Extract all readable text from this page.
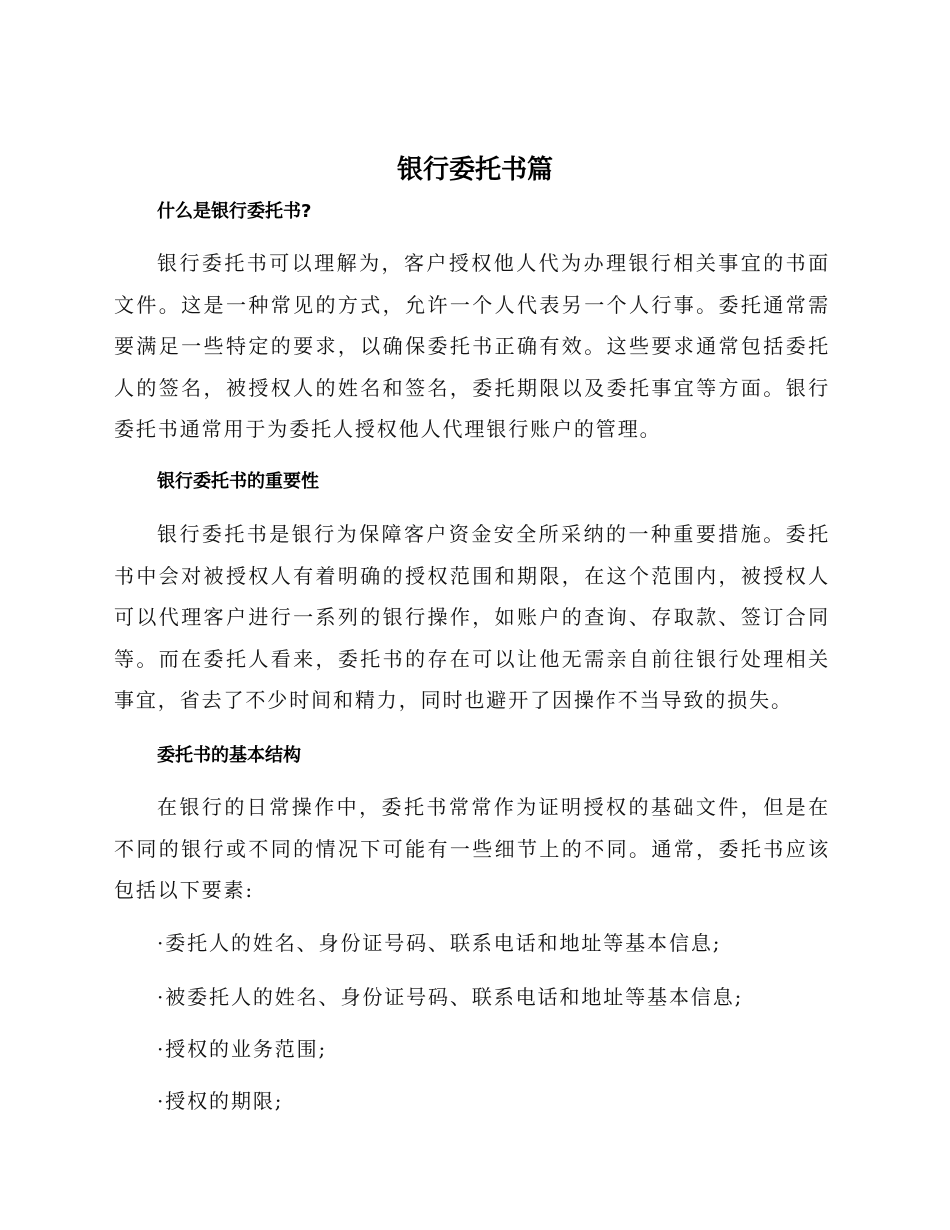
银行委托书篇
什么是银行委托书?

银行委托书可以理解为，客户授权他人代为办理银行相关事宜的书面文件。这是一种常见的方式，允许一个人代表另一个人行事。委托通常需要满足一些特定的要求，以确保委托书正确有效。这些要求通常包括委托人的签名，被授权人的姓名和签名，委托期限以及委托事宜等方面。银行委托书通常用于为委托人授权他人代理银行账户的管理。

银行委托书的重要性

银行委托书是银行为保障客户资金安全所采纳的一种重要措施。委托书中会对被授权人有着明确的授权范围和期限，在这个范围内，被授权人可以代理客户进行一系列的银行操作，如账户的查询、存取款、签订合同等。而在委托人看来，委托书的存在可以让他无需亲自前往银行处理相关事宜，省去了不少时间和精力，同时也避开了因操作不当导致的损失。

委托书的基本结构

在银行的日常操作中，委托书常常作为证明授权的基础文件，但是在不同的银行或不同的情况下可能有一些细节上的不同。通常，委托书应该包括以下要素:

·委托人的姓名、身份证号码、联系电话和地址等基本信息;

·被委托人的姓名、身份证号码、联系电话和地址等基本信息;

·授权的业务范围;

·授权的期限;
